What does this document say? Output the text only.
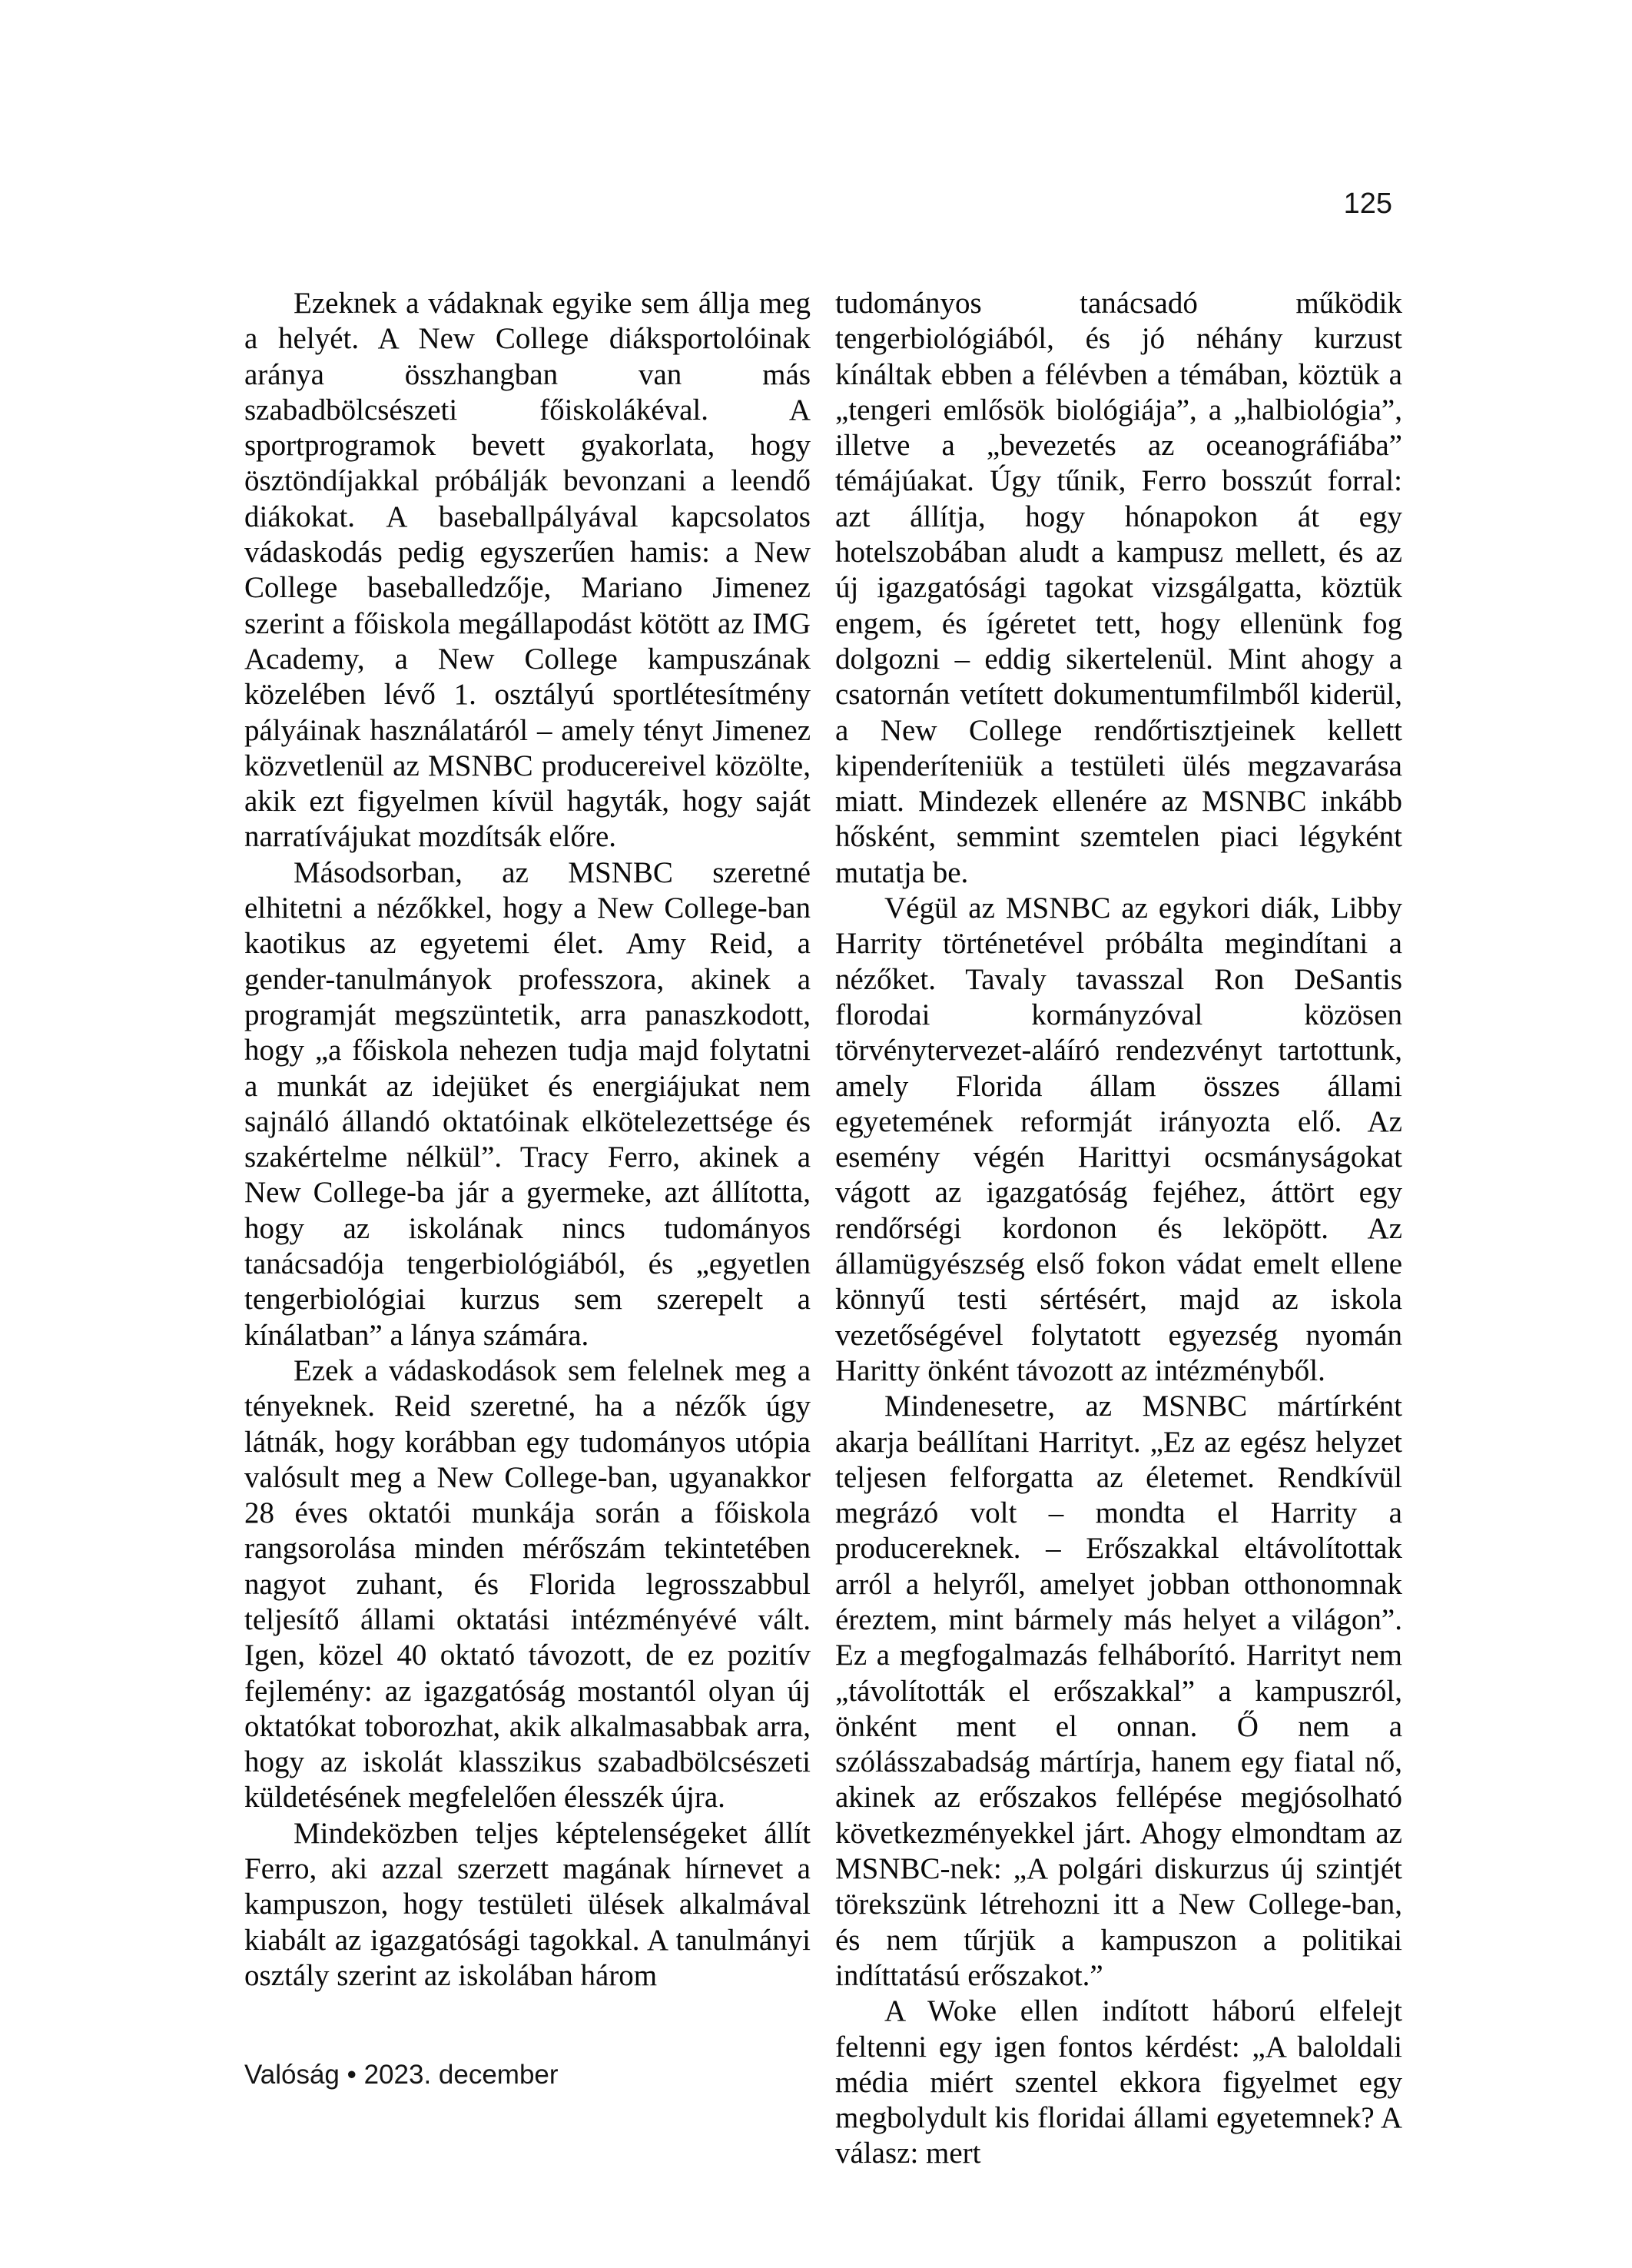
125

Ezeknek a vádaknak egyike sem állja meg a helyét. A New College diáksportolóinak aránya összhangban van más szabadbölcsészeti főiskolákéval. A sportprogramok bevett gyakorlata, hogy ösztöndíjakkal próbálják bevonzani a leendő diákokat. A baseballpályával kapcsolatos vádaskodás pedig egyszerűen hamis: a New College baseballedzője, Mariano Jimenez szerint a főiskola megállapodást kötött az IMG Academy, a New College kampuszának közelében lévő 1. osztályú sportlétesítmény pályáinak használatáról – amely tényt Jimenez közvetlenül az MSNBC producereivel közölte, akik ezt figyelmen kívül hagyták, hogy saját narratívájukat mozdítsák előre.

Másodsorban, az MSNBC szeretné elhitetni a nézőkkel, hogy a New College-ban kaotikus az egyetemi élet. Amy Reid, a gender-tanulmányok professzora, akinek a programját megszüntetik, arra panaszkodott, hogy „a főiskola nehezen tudja majd folytatni a munkát az idejüket és energiájukat nem sajnáló állandó oktatóinak elkötelezettsége és szakértelme nélkül”. Tracy Ferro, akinek a New College-ba jár a gyermeke, azt állította, hogy az iskolának nincs tudományos tanácsadója tengerbiológiából, és „egyetlen tengerbiológiai kurzus sem szerepelt a kínálatban” a lánya számára.

Ezek a vádaskodások sem felelnek meg a tényeknek. Reid szeretné, ha a nézők úgy látnák, hogy korábban egy tudományos utópia valósult meg a New College-ban, ugyanakkor 28 éves oktatói munkája során a főiskola rangsorolása minden mérőszám tekintetében nagyot zuhant, és Florida legrosszabbul teljesítő állami oktatási intézményévé vált. Igen, közel 40 oktató távozott, de ez pozitív fejlemény: az igazgatóság mostantól olyan új oktatókat toborozhat, akik alkalmasabbak arra, hogy az iskolát klasszikus szabadbölcsészeti küldetésének megfelelően élesszék újra.

Mindeközben teljes képtelenségeket állít Ferro, aki azzal szerzett magának hírnevet a kampuszon, hogy testületi ülések alkalmával kiabált az igazgatósági tagokkal. A tanulmányi osztály szerint az iskolában három

tudományos tanácsadó működik tengerbiológiából, és jó néhány kurzust kínáltak ebben a félévben a témában, köztük a „tengeri emlősök biológiája”, a „halbiológia”, illetve a „bevezetés az oceanográfiába” témájúakat. Úgy tűnik, Ferro bosszút forral: azt állítja, hogy hónapokon át egy hotelszobában aludt a kampusz mellett, és az új igazgatósági tagokat vizsgálgatta, köztük engem, és ígéretet tett, hogy ellenünk fog dolgozni – eddig sikertelenül. Mint ahogy a csatornán vetített dokumentumfilmből kiderül, a New College rendőrtisztjeinek kellett kipenderíteniük a testületi ülés megzavarása miatt. Mindezek ellenére az MSNBC inkább hősként, semmint szemtelen piaci légyként mutatja be.

Végül az MSNBC az egykori diák, Libby Harrity történetével próbálta megindítani a nézőket. Tavaly tavasszal Ron DeSantis florodai kormányzóval közösen törvénytervezet-aláíró rendezvényt tartottunk, amely Florida állam összes állami egyetemének reformját irányozta elő. Az esemény végén Harittyi ocsmányságokat vágott az igazgatóság fejéhez, áttört egy rendőrségi kordonon és leköpött. Az államügyészség első fokon vádat emelt ellene könnyű testi sértésért, majd az iskola vezetőségével folytatott egyezség nyomán Haritty önként távozott az intézményből.

Mindenesetre, az MSNBC mártírként akarja beállítani Harrityt. „Ez az egész helyzet teljesen felforgatta az életemet. Rendkívül megrázó volt – mondta el Harrity a producereknek. – Erőszakkal eltávolítottak arról a helyről, amelyet jobban otthonomnak éreztem, mint bármely más helyet a világon”. Ez a megfogalmazás felháborító. Harrityt nem „távolították el erőszakkal” a kampuszról, önként ment el onnan. Ő nem a szólásszabadság mártírja, hanem egy fiatal nő, akinek az erőszakos fellépése megjósolható következményekkel járt. Ahogy elmondtam az MSNBC-nek: „A polgári diskurzus új szintjét törekszünk létrehozni itt a New College-ban, és nem tűrjük a kampuszon a politikai indíttatású erőszakot.”

A Woke ellen indított háború elfelejt feltenni egy igen fontos kérdést: „A baloldali média miért szentel ekkora figyelmet egy megbolydult kis floridai állami egyetemnek? A válasz: mert

Valóság • 2023. december
